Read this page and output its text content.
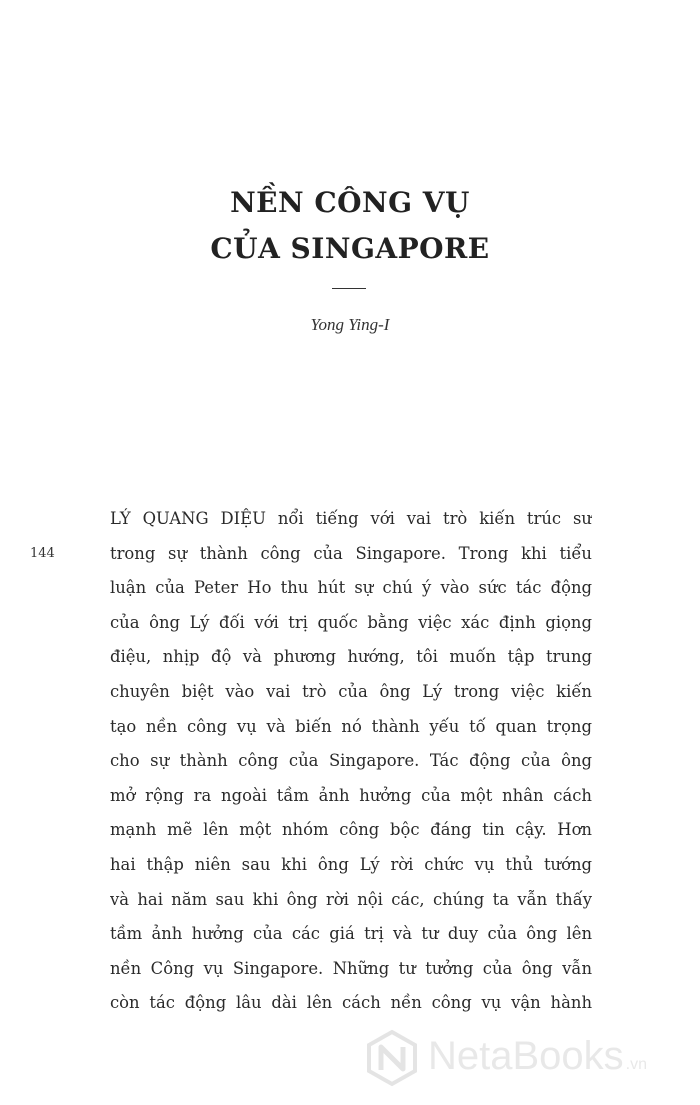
NỀN CÔNG VỤ
CỦA SINGAPORE
Yong Ying-I
144
LÝ QUANG DIỆU nổi tiếng với vai trò kiến trúc sư
trong sự thành công của Singapore. Trong khi tiểu
luận của Peter Ho thu hút sự chú ý vào sức tác động
của ông Lý đối với trị quốc bằng việc xác định giọng
điệu, nhịp độ và phương hướng, tôi muốn tập trung
chuyên biệt vào vai trò của ông Lý trong việc kiến
tạo nền công vụ và biến nó thành yếu tố quan trọng
cho sự thành công của Singapore. Tác động của ông
mở rộng ra ngoài tầm ảnh hưởng của một nhân cách
mạnh mẽ lên một nhóm công bộc đáng tin cậy. Hơn
hai thập niên sau khi ông Lý rời chức vụ thủ tướng
và hai năm sau khi ông rời nội các, chúng ta vẫn thấy
tầm ảnh hưởng của các giá trị và tư duy của ông lên
nền Công vụ Singapore. Những tư tưởng của ông vẫn
còn tác động lâu dài lên cách nền công vụ vận hành
NetaBooks .vn
